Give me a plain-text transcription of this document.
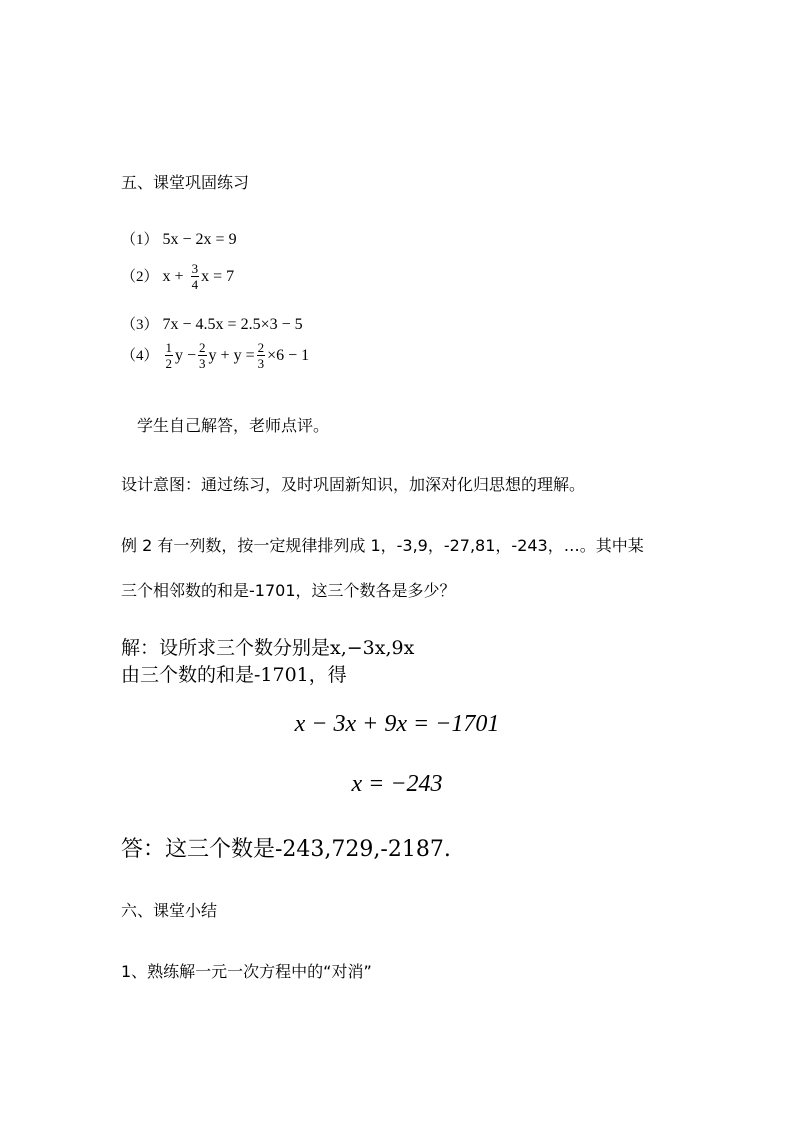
五、课堂巩固练习
（1） 5x − 2x = 9
（2） $x + \frac{3}{4}$ x = 7
（3） 7x − 4.5x = 2.5×3 − 5
$(4) \frac{1}{2}$ $y - \frac{2}{3}$ $y + y = \frac{2}{3} \times 6 - 1$
学生自己解答，老师点评。
设计意图：通过练习，及时巩固新知识，加深对化归思想的理解。
例 2 有一列数，按一定规律排列成 1，-3,9，-27,81，-243，…。其中某
三个相邻数的和是-1701，这三个数各是多少？
解：设所求三个数分别是x,−3x,9x
由三个数的和是-1701，得
x − 3x + 9x = −1701
x = −243
答：这三个数是-243,729,-2187.
六、课堂小结
1、熟练解一元一次方程中的“对消”
